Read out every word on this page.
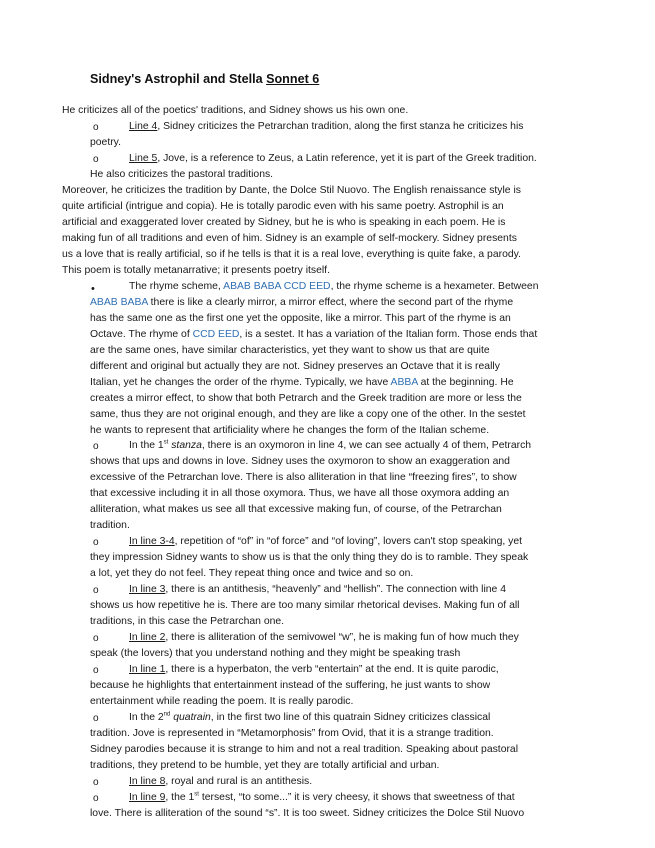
Sidney's Astrophil and Stella Sonnet 6
He criticizes all of the poetics' traditions, and Sidney shows us his own one.
o	Line 4, Sidney criticizes the Petrarchan tradition, along the first stanza he criticizes his
poetry.
o	Line 5, Jove, is a reference to Zeus, a Latin reference, yet it is part of the Greek tradition.
He also criticizes the pastoral traditions.
Moreover, he criticizes the tradition by Dante, the Dolce Stil Nuovo. The English renaissance style is
quite artificial (intrigue and copia). He is totally parodic even with his same poetry. Astrophil is an
artificial and exaggerated lover created by Sidney, but he is who is speaking in each poem. He is
making fun of all traditions and even of him. Sidney is an example of self-mockery. Sidney presents
us a love that is really artificial, so if he tells is that it is a real love, everything is quite fake, a parody.
This poem is totally metanarrative; it presents poetry itself.
•	The rhyme scheme, ABAB BABA CCD EED, the rhyme scheme is a hexameter. Between
ABAB BABA there is like a clearly mirror, a mirror effect, where the second part of the rhyme
has the same one as the first one yet the opposite, like a mirror. This part of the rhyme is an
Octave. The rhyme of CCD EED, is a sestet. It has a variation of the Italian form. Those ends that
are the same ones, have similar characteristics, yet they want to show us that are quite
different and original but actually they are not. Sidney preserves an Octave that it is really
Italian, yet he changes the order of the rhyme. Typically, we have ABBA at the beginning. He
creates a mirror effect, to show that both Petrarch and the Greek tradition are more or less the
same, thus they are not original enough, and they are like a copy one of the other. In the sestet
he wants to represent that artificiality where he changes the form of the Italian scheme.
o	In the 1st stanza, there is an oxymoron in line 4, we can see actually 4 of them, Petrarch
shows that ups and downs in love. Sidney uses the oxymoron to show an exaggeration and
excessive of the Petrarchan love. There is also alliteration in that line “freezing fires”, to show
that excessive including it in all those oxymora. Thus, we have all those oxymora adding an
alliteration, what makes us see all that excessive making fun, of course, of the Petrarchan
tradition.
o	In line 3-4, repetition of “of” in “of force” and “of loving”, lovers can't stop speaking, yet
they impression Sidney wants to show us is that the only thing they do is to ramble. They speak
a lot, yet they do not feel. They repeat thing once and twice and so on.
o	In line 3, there is an antithesis, “heavenly” and “hellish”. The connection with line 4
shows us how repetitive he is. There are too many similar rhetorical devises. Making fun of all
traditions, in this case the Petrarchan one.
o	In line 2, there is alliteration of the semivowel “w”, he is making fun of how much they
speak (the lovers) that you understand nothing and they might be speaking trash
o	In line 1, there is a hyperbaton, the verb “entertain” at the end. It is quite parodic,
because he highlights that entertainment instead of the suffering, he just wants to show
entertainment while reading the poem. It is really parodic.
o	In the 2nd quatrain, in the first two line of this quatrain Sidney criticizes classical
tradition. Jove is represented in “Metamorphosis” from Ovid, that it is a strange tradition.
Sidney parodies because it is strange to him and not a real tradition. Speaking about pastoral
traditions, they pretend to be humble, yet they are totally artificial and urban.
o	In line 8, royal and rural is an antithesis.
o	In line 9, the 1st tersest, “to some...” it is very cheesy, it shows that sweetness of that
love. There is alliteration of the sound “s”. It is too sweet. Sidney criticizes the Dolce Stil Nuovo
